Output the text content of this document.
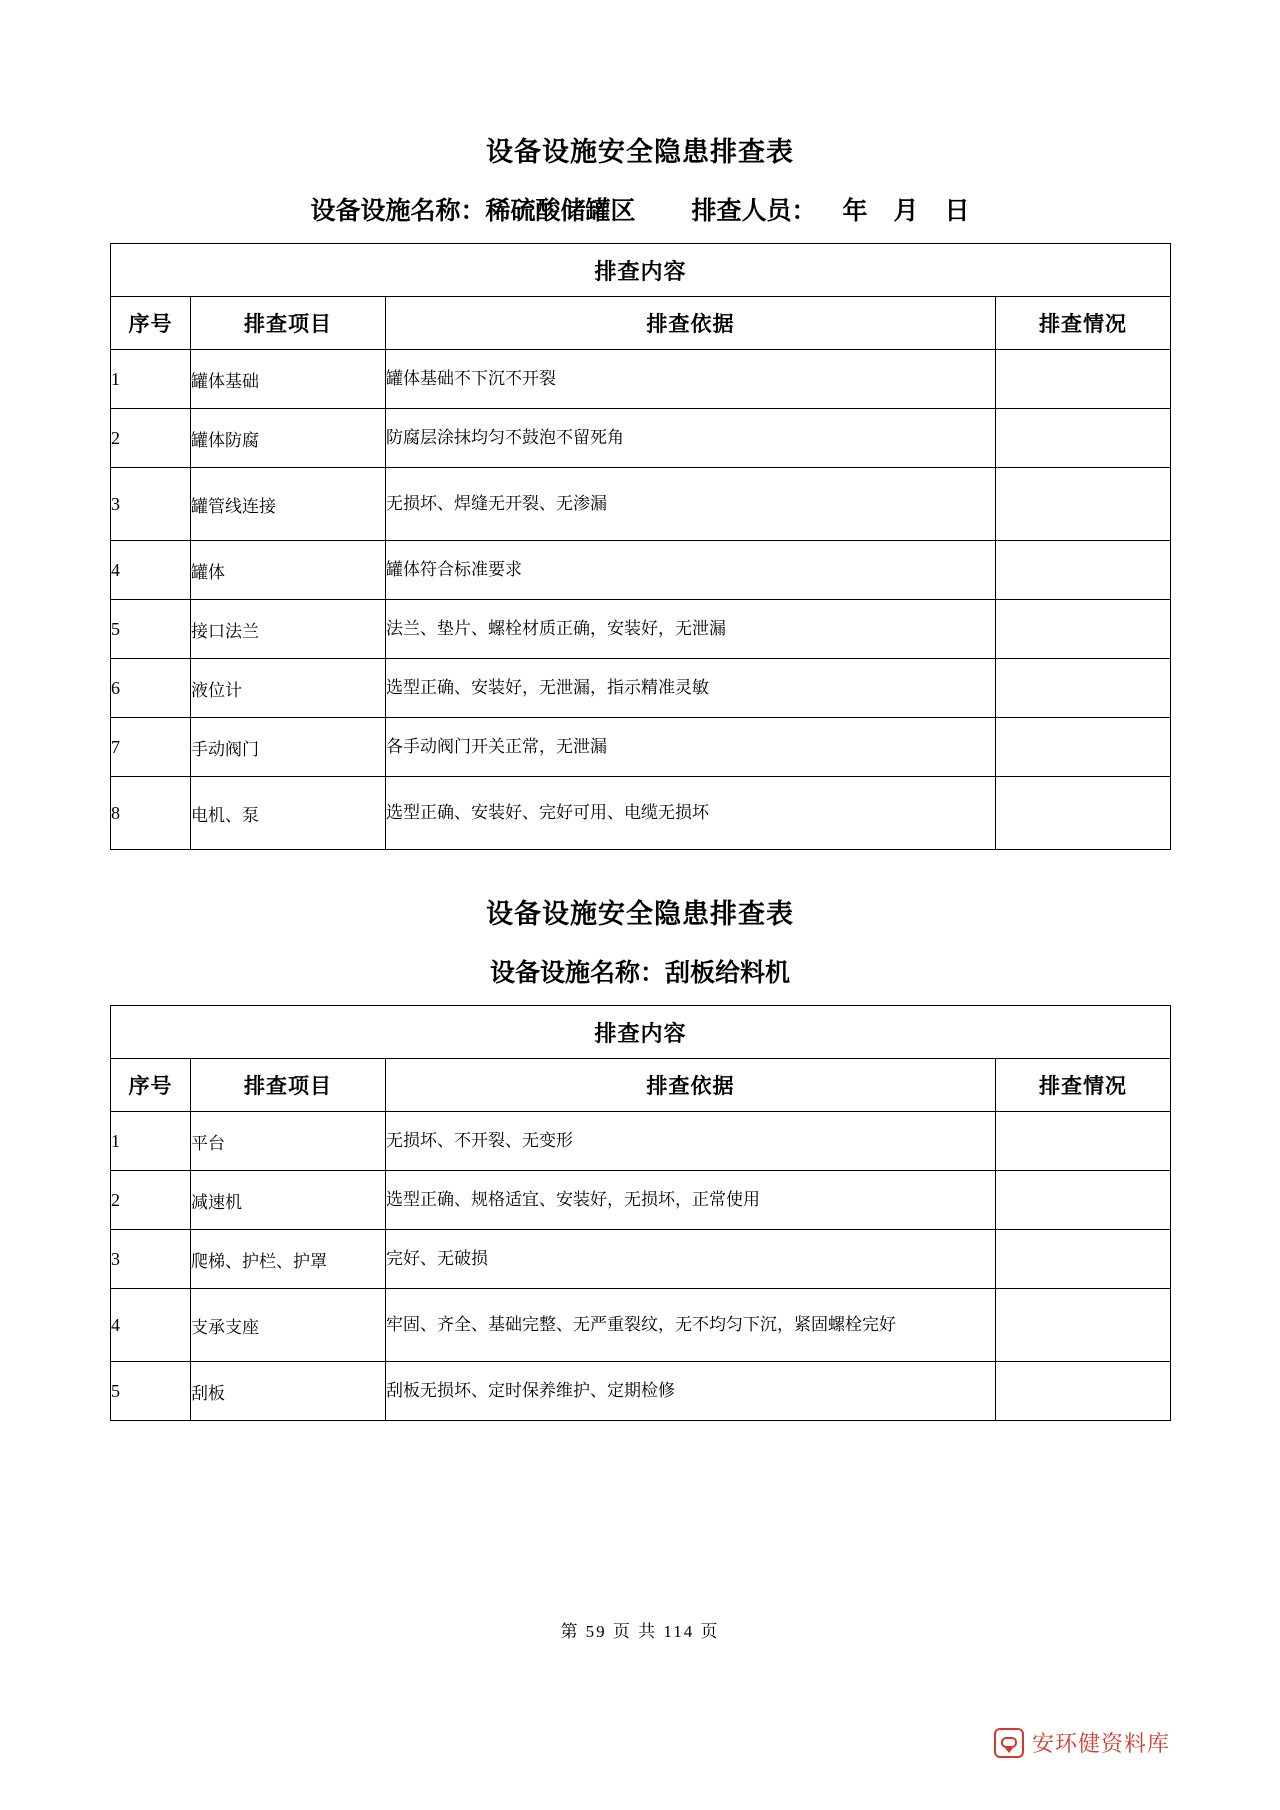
设备设施安全隐患排查表
设备设施名称：稀硫酸储罐区 排查人员： 年 月 日
排查内容			
序号	排查项目	排查依据	排查情况
1	罐体基础	罐体基础不下沉不开裂	
2	罐体防腐	防腐层涂抹均匀不鼓泡不留死角	
3	罐管线连接	无损坏、焊缝无开裂、无渗漏	
4	罐体	罐体符合标准要求	
5	接口法兰	法兰、垫片、螺栓材质正确，安装好，无泄漏	
6	液位计	选型正确、安装好，无泄漏，指示精准灵敏	
7	手动阀门	各手动阀门开关正常，无泄漏	
8	电机、泵	选型正确、安装好、完好可用、电缆无损坏	
设备设施安全隐患排查表
设备设施名称：刮板给料机
排查内容			
序号	排查项目	排查依据	排查情况
1	平台	无损坏、不开裂、无变形	
2	减速机	选型正确、规格适宜、安装好，无损坏，正常使用	
3	爬梯、护栏、护罩	完好、无破损	
4	支承支座	牢固、齐全、基础完整、无严重裂纹，无不均匀下沉，紧固螺栓完好	
5	刮板	刮板无损坏、定时保养维护、定期检修	
第 59 页 共 114 页
安环健资料库
